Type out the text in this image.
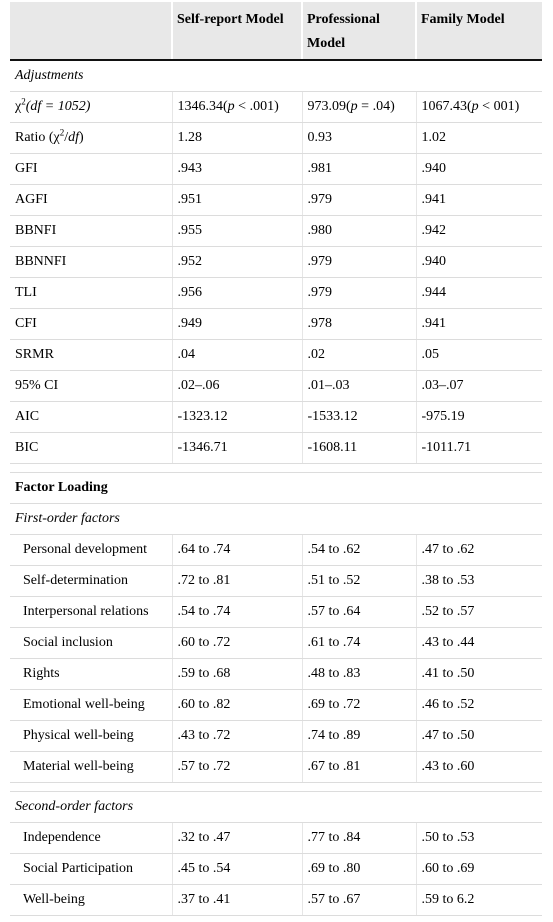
	Self-report Model	Professional Model	Family Model
Adjustments			
$\chi^2(df = 1052)$	1346.34(p < .001)	973.09(p = .04)	1067.43(p < 001)
Ratio $(\chi^2/df)$	1.28	0.93	1.02
GFI	.943	.981	.940
AGFI	.951	.979	.941
BBNFI	.955	.980	.942
BBNNFI	.952	.979	.940
TLI	.956	.979	.944
CFI	.949	.978	.941
SRMR	.04	.02	.05
95% CI	.02–.06	.01–.03	.03–.07
AIC	-1323.12	-1533.12	-975.19
BIC	-1346.71	-1608.11	-1011.71

Factor Loading			
First-order factors			
Personal development	.64 to .74	.54 to .62	.47 to .62
Self-determination	.72 to .81	.51 to .52	.38 to .53
Interpersonal relations	.54 to .74	.57 to .64	.52 to .57
Social inclusion	.60 to .72	.61 to .74	.43 to .44
Rights	.59 to .68	.48 to .83	.41 to .50
Emotional well-being	.60 to .82	.69 to .72	.46 to .52
Physical well-being	.43 to .72	.74 to .89	.47 to .50
Material well-being	.57 to .72	.67 to .81	.43 to .60

Second-order factors			
Independence	.32 to .47	.77 to .84	.50 to .53
Social Participation	.45 to .54	.69 to .80	.60 to .69
Well-being	.37 to .41	.57 to .67	.59 to 6.2
